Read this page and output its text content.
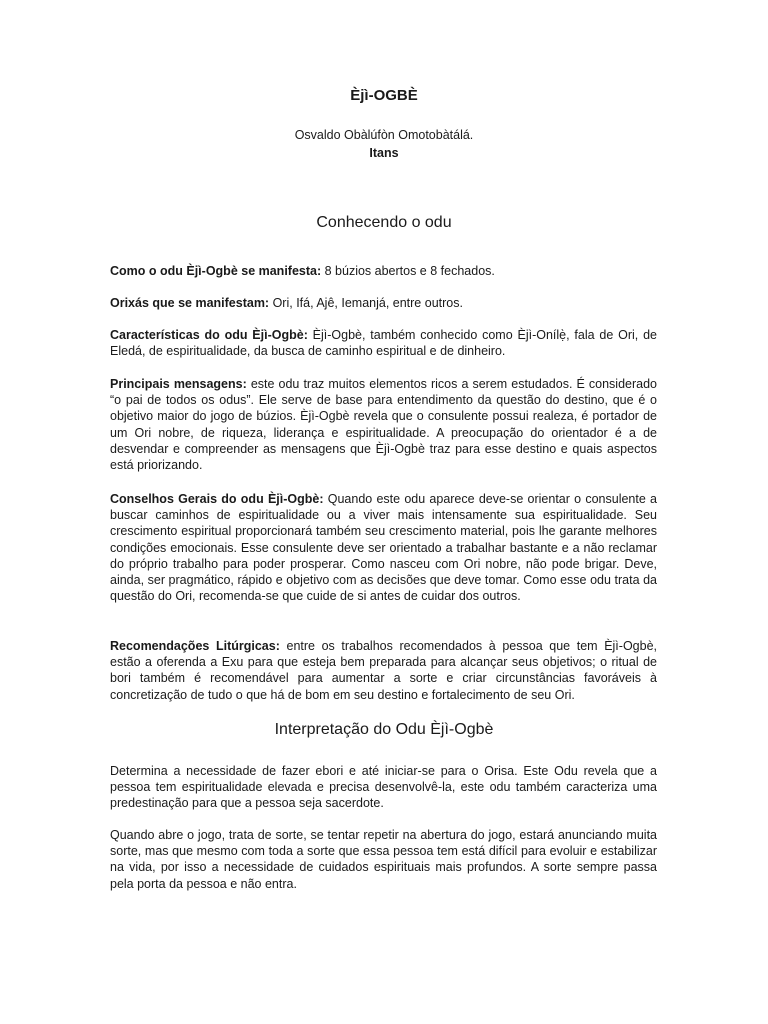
Èjì-OGBÈ
Osvaldo Obàlúfòn Omotobàtálá.
Itans
Conhecendo o odu

Como o odu Èjì-Ogbè se manifesta: 8 búzios abertos e 8 fechados.

Orixás que se manifestam: Ori, Ifá, Ajê, Iemanjá, entre outros.

Características do odu Èjì-Ogbè: Èjì-Ogbè, também conhecido como Èjì-Onílẹ̀, fala de Ori, de Eledá, de espiritualidade, da busca de caminho espiritual e de dinheiro.

Principais mensagens: este odu traz muitos elementos ricos a serem estudados. É considerado “o pai de todos os odus”. Ele serve de base para entendimento da questão do destino, que é o objetivo maior do jogo de búzios. Èjì-Ogbè revela que o consulente possui realeza, é portador de um Ori nobre, de riqueza, liderança e espiritualidade. A preocupação do orientador é a de desvendar e compreender as mensagens que Èjì-Ogbè traz para esse destino e quais aspectos está priorizando.

Conselhos Gerais do odu Èjì-Ogbè: Quando este odu aparece deve-se orientar o consulente a buscar caminhos de espiritualidade ou a viver mais intensamente sua espiritualidade. Seu crescimento espiritual proporcionará também seu crescimento material, pois lhe garante melhores condições emocionais. Esse consulente deve ser orientado a trabalhar bastante e a não reclamar do próprio trabalho para poder prosperar. Como nasceu com Ori nobre, não pode brigar. Deve, ainda, ser pragmático, rápido e objetivo com as decisões que deve tomar. Como esse odu trata da questão do Ori, recomenda-se que cuide de si antes de cuidar dos outros.

Recomendações Litúrgicas: entre os trabalhos recomendados à pessoa que tem Èjì-Ogbè, estão a oferenda a Exu para que esteja bem preparada para alcançar seus objetivos; o ritual de bori também é recomendável para aumentar a sorte e criar circunstâncias favoráveis à concretização de tudo o que há de bom em seu destino e fortalecimento de seu Ori.

Interpretação do Odu Èjì-Ogbè

Determina a necessidade de fazer ebori e até iniciar-se para o Orisa. Este Odu revela que a pessoa tem espiritualidade elevada e precisa desenvolvê-la, este odu também caracteriza uma predestinação para que a pessoa seja sacerdote.

Quando abre o jogo, trata de sorte, se tentar repetir na abertura do jogo, estará anunciando muita sorte, mas que mesmo com toda a sorte que essa pessoa tem está difícil para evoluir e estabilizar na vida, por isso a necessidade de cuidados espirituais mais profundos. A sorte sempre passa pela porta da pessoa e não entra.
